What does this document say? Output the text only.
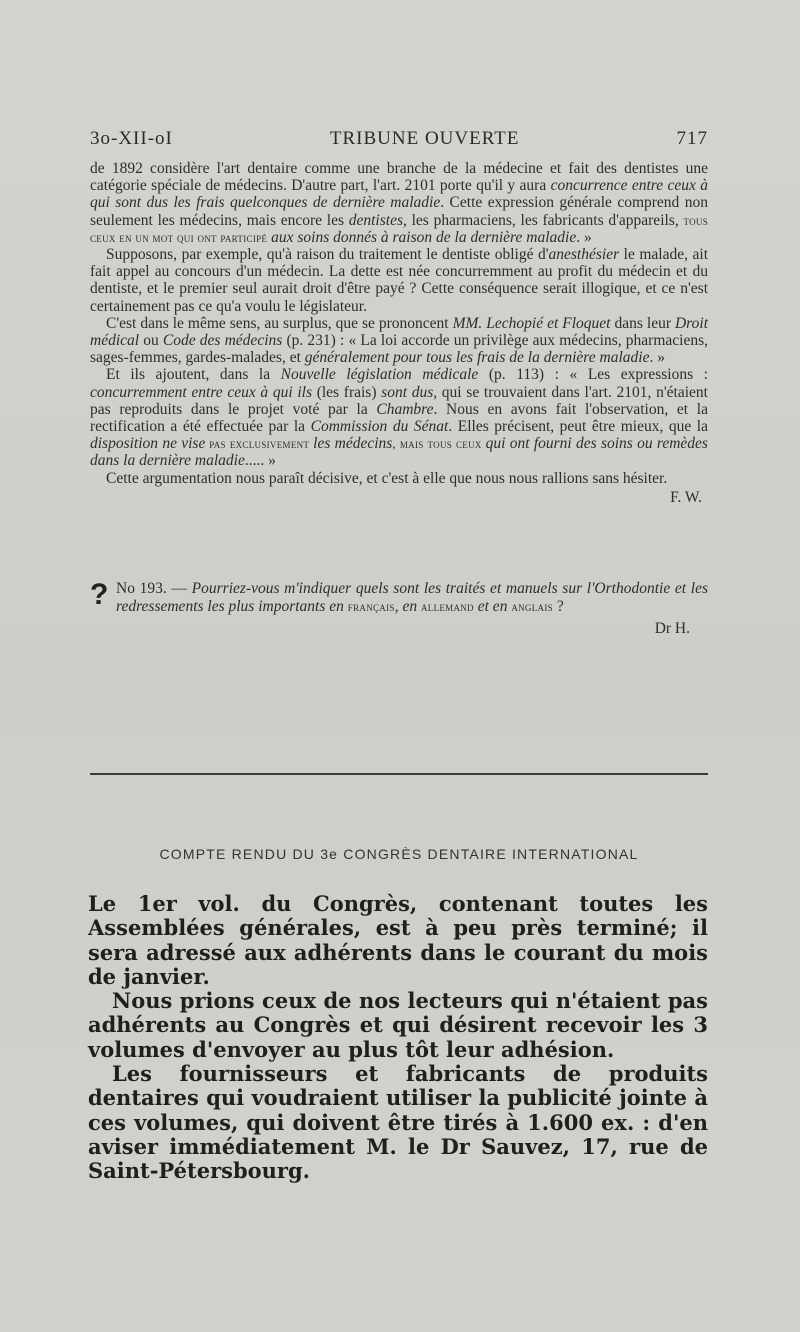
3o-XII-oI	TRIBUNE OUVERTE	717

de 1892 considère l'art dentaire comme une branche de la médecine et fait des dentistes une catégorie spéciale de médecins. D'autre part, l'art. 2101 porte qu'il y aura concurrence entre ceux à qui sont dus les frais quelconques de dernière maladie. Cette expression générale comprend non seulement les médecins, mais encore les dentistes, les pharmaciens, les fabricants d'appareils, tous ceux en un mot qui ont participé aux soins donnés à raison de la dernière maladie. »

Supposons, par exemple, qu'à raison du traitement le dentiste obligé d'anesthésier le malade, ait fait appel au concours d'un médecin. La dette est née concurremment au profit du médecin et du dentiste, et le premier seul aurait droit d'être payé ? Cette conséquence serait illogique, et ce n'est certainement pas ce qu'a voulu le législateur.

C'est dans le même sens, au surplus, que se prononcent MM. Lechopié et Floquet dans leur Droit médical ou Code des médecins (p. 231) : « La loi accorde un privilège aux médecins, pharmaciens, sages-femmes, gardes-malades, et généralement pour tous les frais de la dernière maladie. »

Et ils ajoutent, dans la Nouvelle législation médicale (p. 113) : « Les expressions : concurremment entre ceux à qui ils (les frais) sont dus, qui se trouvaient dans l'art. 2101, n'étaient pas reproduits dans le projet voté par la Chambre. Nous en avons fait l'observation, et la rectification a été effectuée par la Commission du Sénat. Elles précisent, peut être mieux, que la disposition ne vise pas exclusivement les médecins, mais tous ceux qui ont fourni des soins ou remèdes dans la dernière maladie..... »

Cette argumentation nous paraît décisive, et c'est à elle que nous nous rallions sans hésiter.

F. W.
? No 193. — Pourriez-vous m'indiquer quels sont les traités et manuels sur l'Orthodontie et les redressements les plus importants en français, en allemand et en anglais ?

Dr H.
COMPTE RENDU DU 3e CONGRÈS DENTAIRE INTERNATIONAL

Le 1er vol. du Congrès, contenant toutes les Assemblées générales, est à peu près terminé; il sera adressé aux adhérents dans le courant du mois de janvier.

Nous prions ceux de nos lecteurs qui n'étaient pas adhérents au Congrès et qui désirent recevoir les 3 volumes d'envoyer au plus tôt leur adhésion.

Les fournisseurs et fabricants de produits dentaires qui voudraient utiliser la publicité jointe à ces volumes, qui doivent être tirés à 1.600 ex. : d'en aviser immédiatement M. le Dr Sauvez, 17, rue de Saint-Pétersbourg.
